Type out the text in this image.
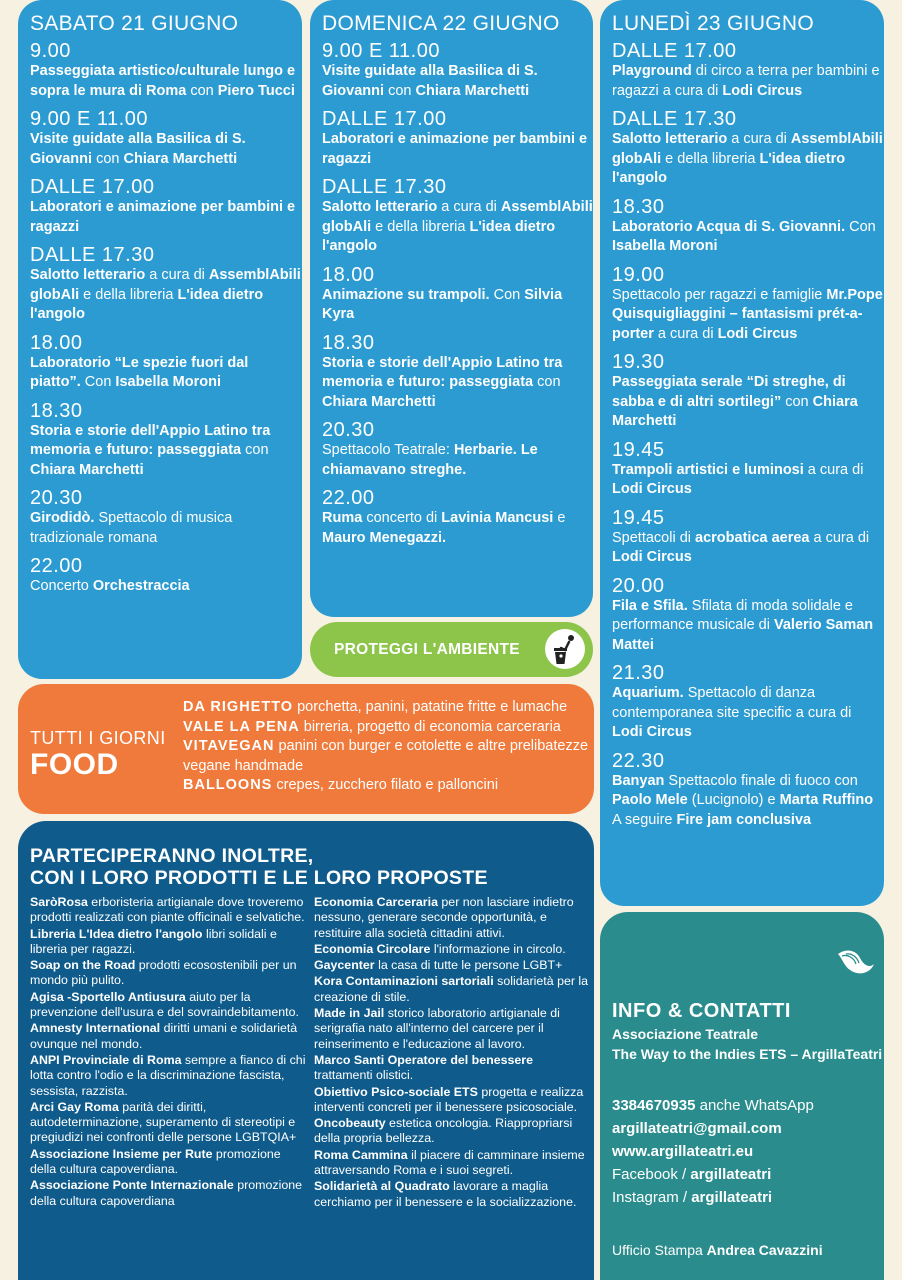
SABATO 21 GIUGNO
9.00
Passeggiata artistico/culturale lungo e sopra le mura di Roma con Piero Tucci
9.00 E 11.00
Visite guidate alla Basilica di S. Giovanni con Chiara Marchetti
DALLE 17.00
Laboratori e animazione per bambini e ragazzi
DALLE 17.30
Salotto letterario a cura di AssemblAbili globAli e della libreria L'idea dietro l'angolo
18.00
Laboratorio “Le spezie fuori dal piatto”. Con Isabella Moroni
18.30
Storia e storie dell'Appio Latino tra memoria e futuro: passeggiata con Chiara Marchetti
20.30
Girodidò. Spettacolo di musica tradizionale romana
22.00
Concerto Orchestraccia
DOMENICA 22 GIUGNO
9.00 E 11.00
Visite guidate alla Basilica di S. Giovanni con Chiara Marchetti
DALLE 17.00
Laboratori e animazione per bambini e ragazzi
DALLE 17.30
Salotto letterario a cura di AssemblAbili globAli e della libreria L'idea dietro l'angolo
18.00
Animazione su trampoli. Con Silvia Kyra
18.30
Storia e storie dell'Appio Latino tra memoria e futuro: passeggiata con Chiara Marchetti
20.30
Spettacolo Teatrale: Herbarie. Le chiamavano streghe.
22.00
Ruma concerto di Lavinia Mancusi e Mauro Menegazzi.
LUNEDÌ 23 GIUGNO
DALLE 17.00
Playground di circo a terra per bambini e ragazzi a cura di Lodi Circus
DALLE 17.30
Salotto letterario a cura di AssemblAbili globAli e della libreria L'idea dietro l'angolo
18.30
Laboratorio Acqua di S. Giovanni. Con Isabella Moroni
19.00
Spettacolo per ragazzi e famiglie Mr.Pope Quisquigliaggini – fantasismi prét-a-porter a cura di Lodi Circus
19.30
Passeggiata serale “Di streghe, di sabba e di altri sortilegi” con Chiara Marchetti
19.45
Trampoli artistici e luminosi a cura di Lodi Circus
19.45
Spettacoli di acrobatica aerea a cura di Lodi Circus
20.00
Fila e Sfila. Sfilata di moda solidale e performance musicale di Valerio Saman Mattei
21.30
Aquarium. Spettacolo di danza contemporanea site specific a cura di Lodi Circus
22.30
Banyan Spettacolo finale di fuoco con Paolo Mele (Lucignolo) e Marta Ruffino
A seguire Fire jam conclusiva
PROTEGGI L'AMBIENTE
TUTTI I GIORNI
FOOD
DA RIGHETTO porchetta, panini, patatine fritte e lumache
VALE LA PENA birreria, progetto di economia carceraria
VITAVEGAN panini con burger e cotolette e altre prelibatezze vegane handmade
BALLOONS crepes, zucchero filato e palloncini
PARTECIPERANNO INOLTRE,
CON I LORO PRODOTTI E LE LORO PROPOSTE
SaròRosa erboristeria artigianale dove troveremo prodotti realizzati con piante officinali e selvatiche.
Libreria L'Idea dietro l'angolo libri solidali e libreria per ragazzi.
Soap on the Road prodotti ecosostenibili per un mondo più pulito.
Agisa -Sportello Antiusura aiuto per la prevenzione dell'usura e del sovraindebitamento.
Amnesty International diritti umani e solidarietà ovunque nel mondo.
ANPI Provinciale di Roma sempre a fianco di chi lotta contro l'odio e la discriminazione fascista, sessista, razzista.
Arci Gay Roma parità dei diritti, autodeterminazione, superamento di stereotipi e pregiudizi nei confronti delle persone LGBTQIA+
Associazione Insieme per Rute promozione della cultura capoverdiana.
Associazione Ponte Internazionale promozione della cultura capoverdiana
Economia Carceraria per non lasciare indietro nessuno, generare seconde opportunità, e restituire alla società cittadini attivi.
Economia Circolare l'informazione in circolo.
Gaycenter la casa di tutte le persone LGBT+
Kora Contaminazioni sartoriali solidarietà per la creazione di stile.
Made in Jail storico laboratorio artigianale di serigrafia nato all'interno del carcere per il reinserimento e l'educazione al lavoro.
Marco Santi Operatore del benessere trattamenti olistici.
Obiettivo Psico-sociale ETS progetta e realizza interventi concreti per il benessere psicosociale.
Oncobeauty estetica oncologia. Riappropriarsi della propria bellezza.
Roma Cammina il piacere di camminare insieme attraversando Roma e i suoi segreti.
Solidarietà al Quadrato lavorare a maglia cerchiamo per il benessere e la socializzazione.
INFO & CONTATTI
Associazione Teatrale
The Way to the Indies ETS – ArgillaTeatri
3384670935 anche WhatsApp
argillateatri@gmail.com
www.argillateatri.eu
Facebook / argillateatri
Instagram / argillateatri
Ufficio Stampa Andrea Cavazzini
